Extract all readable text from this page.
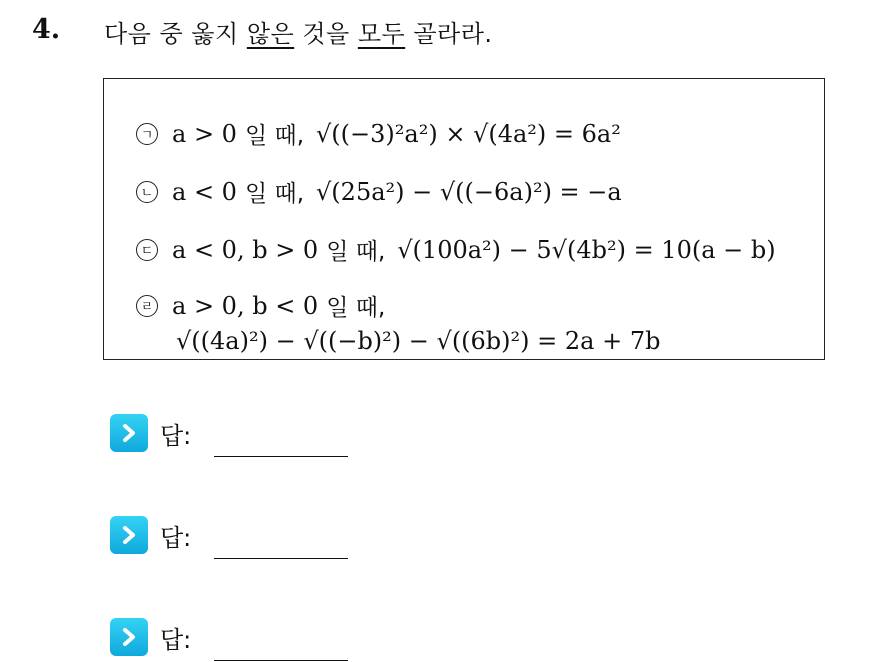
4. 다음 중 옳지 않은 것을 모두 골라라.
ㄱ a > 0 일 때, √((−3)²a²) × √(4a²) = 6a²
ㄴ a < 0 일 때, √(25a²) − √((−6a)²) = −a
ㄷ a < 0, b > 0 일 때, √(100a²) − 5√(4b²) = 10(a − b)
ㄹ a > 0, b < 0 일 때,
√((4a)²) − √((−b)²) − √((6b)²) = 2a + 7b
답:
답:
답:
